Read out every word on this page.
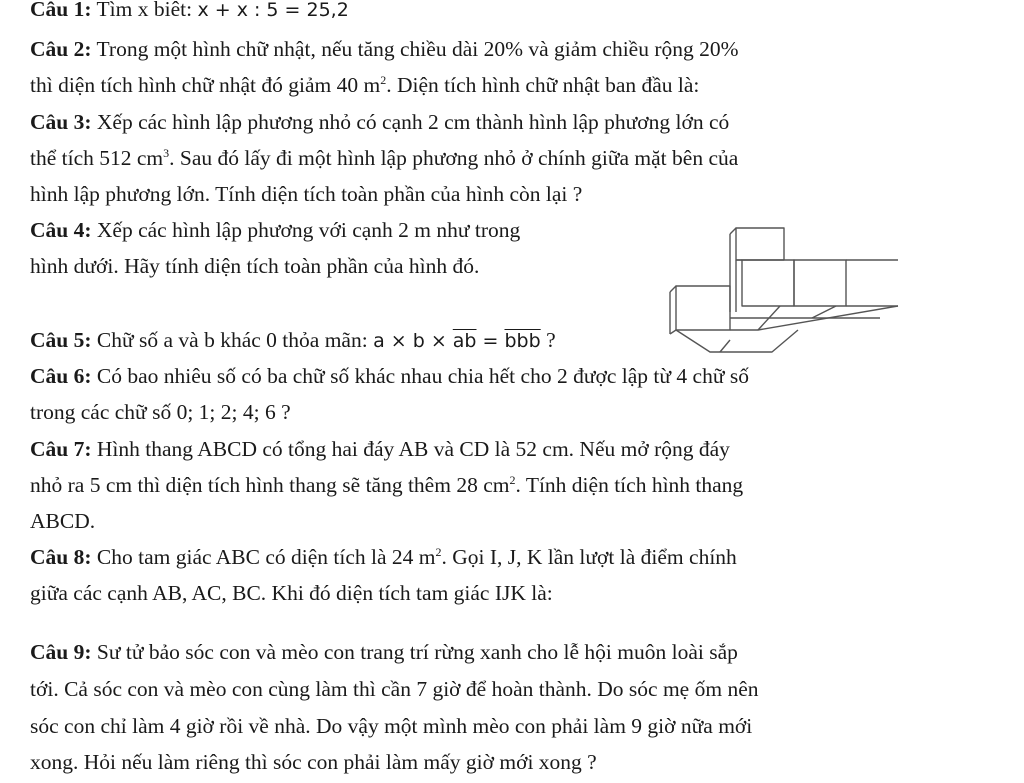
Câu 1: Tìm x biêt: x + x : 5 = 25,2
Câu 2: Trong một hình chữ nhật, nếu tăng chiều dài 20% và giảm chiều rộng 20%
thì diện tích hình chữ nhật đó giảm 40 $m^2$. Diện tích hình chữ nhật ban đầu là:
Câu 3: Xếp các hình lập phương nhỏ có cạnh 2 cm thành hình lập phương lớn có
thể tích 512 $cm^3$. Sau đó lấy đi một hình lập phương nhỏ ở chính giữa mặt bên của
hình lập phương lớn. Tính diện tích toàn phần của hình còn lại ?
Câu 4: Xếp các hình lập phương với cạnh 2 m như trong
hình dưới. Hãy tính diện tích toàn phần của hình đó.
Câu 5: Chữ số a và b khác 0 thỏa mãn: $a \times b \times \overline{ab} = \overline{bbb}$ ?
Câu 6: Có bao nhiêu số có ba chữ số khác nhau chia hết cho 2 được lập từ 4 chữ số
trong các chữ số 0; 1; 2; 4; 6 ?
Câu 7: Hình thang ABCD có tổng hai đáy AB và CD là 52 cm. Nếu mở rộng đáy
nhỏ ra 5 cm thì diện tích hình thang sẽ tăng thêm 28 $cm^2$. Tính diện tích hình thang
ABCD.
Câu 8: Cho tam giác ABC có diện tích là 24 $m^2$. Gọi I, J, K lần lượt là điểm chính
giữa các cạnh AB, AC, BC. Khi đó diện tích tam giác IJK là:
Câu 9: Sư tử bảo sóc con và mèo con trang trí rừng xanh cho lễ hội muôn loài sắp
tới. Cả sóc con và mèo con cùng làm thì cần 7 giờ để hoàn thành. Do sóc mẹ ốm nên
sóc con chỉ làm 4 giờ rồi về nhà. Do vậy một mình mèo con phải làm 9 giờ nữa mới
xong. Hỏi nếu làm riêng thì sóc con phải làm mấy giờ mới xong ?
